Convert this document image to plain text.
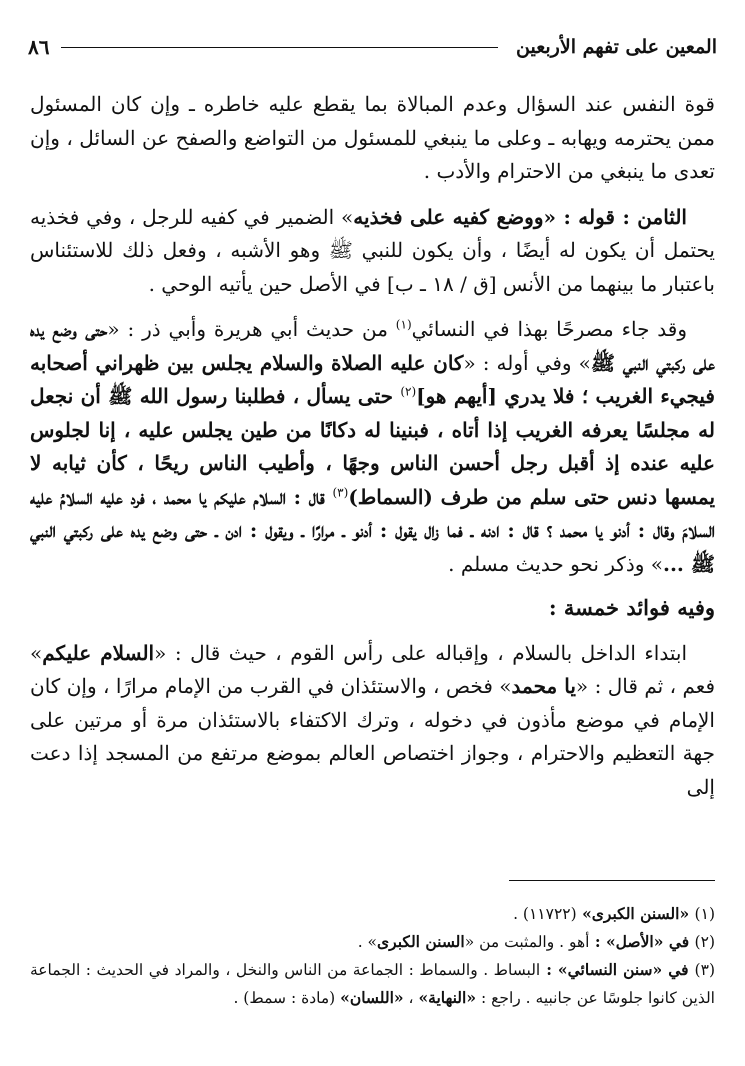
٨٦	المعين على تفهم الأربعين

قوة النفس عند السؤال وعدم المبالاة بما يقطع عليه خاطره ـ وإن كان المسئول ممن يحترمه ويهابه ـ وعلى ما ينبغي للمسئول من التواضع والصفح عن السائل ، وإن تعدى ما ينبغي من الاحترام والأدب .

الثامن : قوله : «ووضع كفيه على فخذيه» الضمير في كفيه للرجل ، وفي فخذيه يحتمل أن يكون له أيضًا ، وأن يكون للنبي ﷺ وهو الأشبه ، وفعل ذلك للاستئناس باعتبار ما بينهما من الأنس [ق / ١٨ ـ ب] في الأصل حين يأتيه الوحي .

وقد جاء مصرحًا بهذا في النسائي$^{(١)}$ من حديث أبي هريرة وأبي ذر : «حتى وضع يده على ركبتي النبي ﷺ» وفي أوله : «كان عليه الصلاة والسلام يجلس بين ظهراني أصحابه فيجيء الغريب ؛ فلا يدري [أيهم هو]$^{(٢)}$ حتى يسأل ، فطلبنا رسول الله ﷺ أن نجعل له مجلسًا يعرفه الغريب إذا أتاه ، فبنينا له دكانًا من طين يجلس عليه ، إنا لجلوس عليه عنده إذ أقبل رجل أحسن الناس وجهًا ، وأطيب الناس ريحًا ، كأن ثيابه لا يمسها دنس حتى سلم من طرف (السماط)$^{(٣)}$ قال : السلام عليكم يا محمد ، فرد عليه السلامُ عليه السلامَ وقال : أدنو يا محمد ؟ قال : ادنه ـ فما زال يقول : أدنو ـ مرارًا ـ ويقول : ادن ـ حتى وضع يده على ركبتي النبي ﷺ ...» وذكر نحو حديث مسلم .

وفيه فوائد خمسة :

ابتداء الداخل بالسلام ، وإقباله على رأس القوم ، حيث قال : «السلام عليكم» فعم ، ثم قال : «يا محمد» فخص ، والاستئذان في القرب من الإمام مرارًا ، وإن كان الإمام في موضع مأذون في دخوله ، وترك الاكتفاء بالاستئذان مرة أو مرتين على جهة التعظيم والاحترام ، وجواز اختصاص العالم بموضع مرتفع من المسجد إذا دعت إلى

(١) «السنن الكبرى» (١١٧٢٢) .

(٢) في «الأصل» : أهو . والمثبت من «السنن الكبرى» .

(٣) في «سنن النسائي» : البساط . والسماط : الجماعة من الناس والنخل ، والمراد في الحديث : الجماعة الذين كانوا جلوسًا عن جانبيه . راجع : «النهاية» ، «اللسان» (مادة : سمط) .
